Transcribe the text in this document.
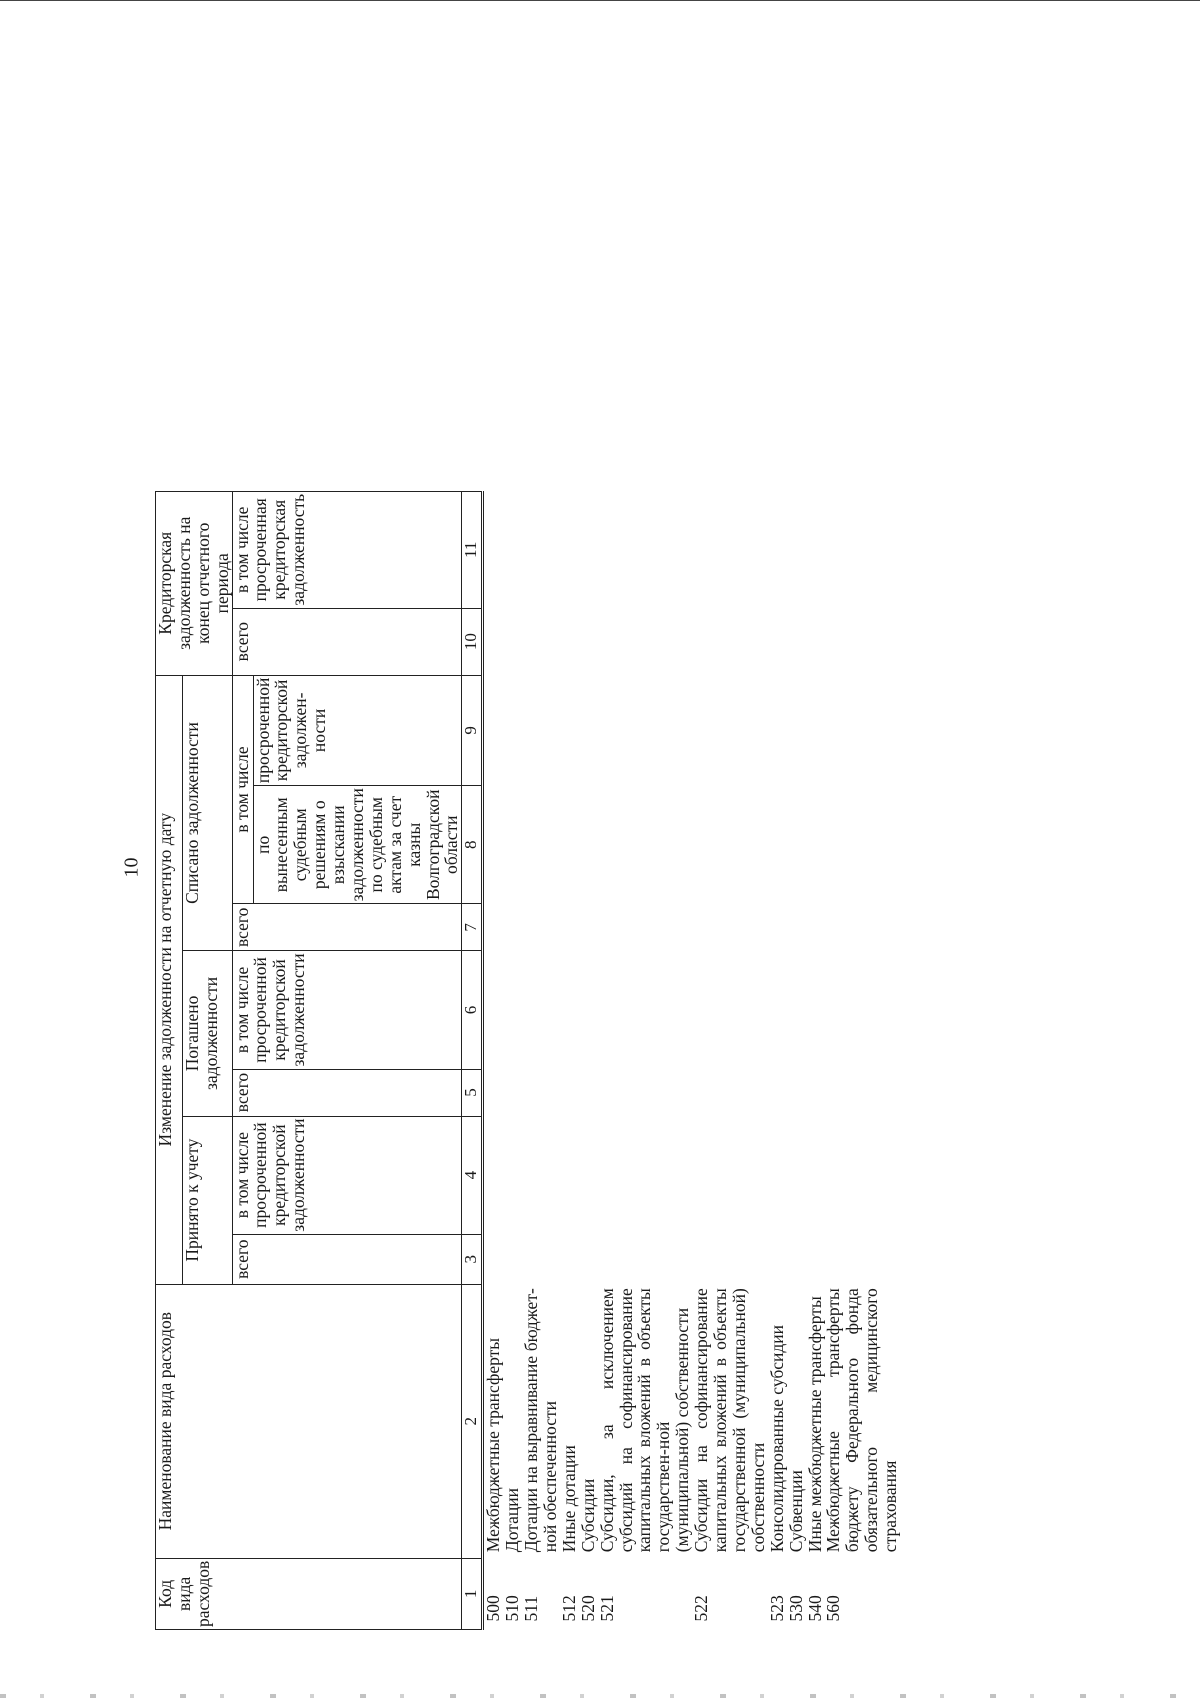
10
Код вида расходов	Наименование вида расходов	Изменение задолженности на отчетную дату							Кредиторская задолженность на конец отчетного периода	
		Принято к учету		Погашено задолженности		Списано задолженности				
		всего	в том числе просроченной кредиторской задолженности	всего	в том числе просроченной кредиторской задолженности	всего	в том числе		всего	в том числе просроченная кредиторская задолженность
							по вынесенным судебным решениям о взыскании задолженности по судебным актам за счет казны Волгоградской области	просроченной кредиторской задолжен-ности		
1	2	3	4	5	6	7	8	9	10	11
500	Межбюджетные трансферты									
510	Дотации									
511	Дотации на выравнивание бюджет-ной обеспеченности									
512	Иные дотации									
520	Субсидии									
521	Субсидии, за исключением субсидий на софинансирование капитальных вложений в объекты государствен-ной (муниципальной) собственности									
522	Субсидии на софинансирование капитальных вложений в объекты государственной (муниципальной) собственности									
523	Консолидированные субсидии									
530	Субвенции									
540	Иные межбюджетные трансферты									
560	Межбюджетные трансферты бюджету Федерального фонда обязательного медицинского страхования									
